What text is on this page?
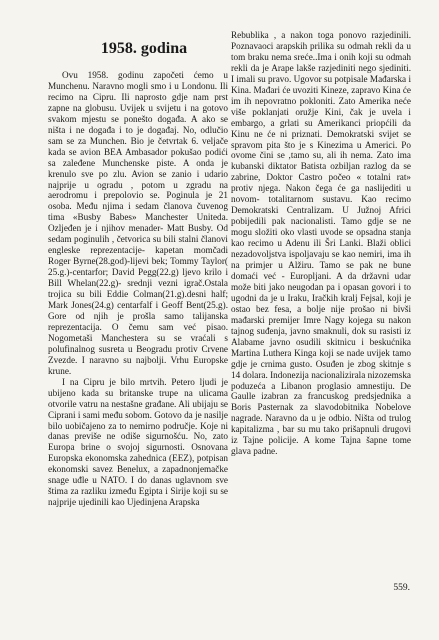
1958. godina

Ovu 1958. godinu započeti ćemo u Munchenu. Naravno mogli smo i u Londonu. Ili recimo na Cipru. Ili naprosto gdje nam prst zapne na globusu. Uvijek u svijetu i na gotovo svakom mjestu se ponešto događa. A ako se ništa i ne događa i to je događaj. No, odlučio sam se za Munchen. Bio je četvrtak 6. veljače kada se avion BEA Ambasador pokušao podići sa zaleđene Munchenske piste. A onda je krenulo sve po zlu. Avion se zanio i udario najprije u ogradu , potom u zgradu na aerodromu i prepolovio se. Poginula je 21 osoba. Među njima i sedam članova čuvenog tima «Busby Babes» Manchester Uniteda. Ozljeđen je i njihov menader- Matt Busby. Od sedam poginulih , četvorica su bili stalni članovi engleske reprezentacije- kapetan momčadi Roger Byrne(28.god)-lijevi bek; Tommy Taylor( 25.g.)-centarfor; David Pegg(22.g) ljevo krilo i Bill Whelan(22.g)- srednji vezni igrač.Ostala trojica su bili Eddie Colman(21.g).desni half; Mark Jones(24.g) centarfalf i Geoff Bent(25.g). Gore od njih je prošla samo talijanska reprezentacija. O čemu sam već pisao. Nogometaši Manchestera su se vraćali s polufinalnog susreta u Beogradu protiv Crvene Zvezde. I naravno su najbolji. Vrhu Europske krune.

I na Cipru je bilo mrtvih. Petero ljudi je ubijeno kada su britanske trupe na ulicama otvorile vatru na nestašne građane. Ali ubijaju se Ciprani i sami među sobom. Gotovo da je nasilje bilo uobičajeno za to nemirno područje. Koje ni danas previše ne odiše sigurnošću. No, zato Europa brine o svojoj sigurnosti. Osnovana Europska ekonomska zahednica (EEZ), potpisan ekonomski savez Benelux, a zapadnonjemačke snage uđle u NATO. I do danas uglavnom sve štima za razliku između Egipta i Sirije koji su se najprije ujedinili kao Ujedinjena Arapska

Rebublika , a nakon toga ponovo razjedinili. Poznavaoci arapskih prilika su odmah rekli da u tom braku nema sreće..Ima i onih koji su odmah rekli da je Arape lakše razjediniti nego sjediniti. I imali su pravo. Ugovor su potpisale Mađarska i Kina. Mađari će uvoziti Kineze, zapravo Kina će im ih nepovratno pokloniti. Zato Amerika neće više poklanjati oružje Kini, čak je uvela i embargo, a grlati su Amerikanci priopćili da Kinu ne će ni priznati. Demokratski svijet se spravom pita što je s Kinezima u Americi. Po ovome čini se ,tamo su, ali ih nema. Zato ima kubanski diktator Batista ozbiljan razlog da se zabrine, Doktor Castro počeo « totalni rat» protiv njega. Nakon čega će ga naslijediti u novom- totalitarnom sustavu. Kao recimo Demokratski Centralizam. U Južnoj Africi pobijedili pak nacionalisti. Tamo gdje se ne mogu složiti oko vlasti uvode se opsadna stanja kao recimo u Adenu ili Šri Lanki. Blaži oblici nezadovoljstva ispoljavaju se kao nemiri, ima ih na primjer u Alžiru. Tamo se pak ne bune domaći već - Europljani. A da državni udar može biti jako neugodan pa i opasan govori i to ugodni da je u Iraku, Iračkih kralj Fejsal, koji je ostao bez fesa, a bolje nije prošao ni bivši mađarski premijer Imre Nagy kojega su nakon tajnog suđenja, javno smaknuli, dok su rasisti iz Alabame javno osudili skitnicu i beskućnika Martina Luthera Kinga koji se nade uvijek tamo gdje je crnima gusto. Osuđen je zbog skitnje s 14 dolara. Indonezija nacionalizirala nizozemska poduzeća a Libanon proglasio amnestiju. De Gaulle izabran za francuskog predsjednika a Boris Pasternak za slavodobitnika Nobelove nagrade. Naravno da u je odbio. Ništa od trulog kapitalizma , bar su mu tako prišapnuli drugovi iz Tajne policije. A kome Tajna šapne tome glava padne.

559.
